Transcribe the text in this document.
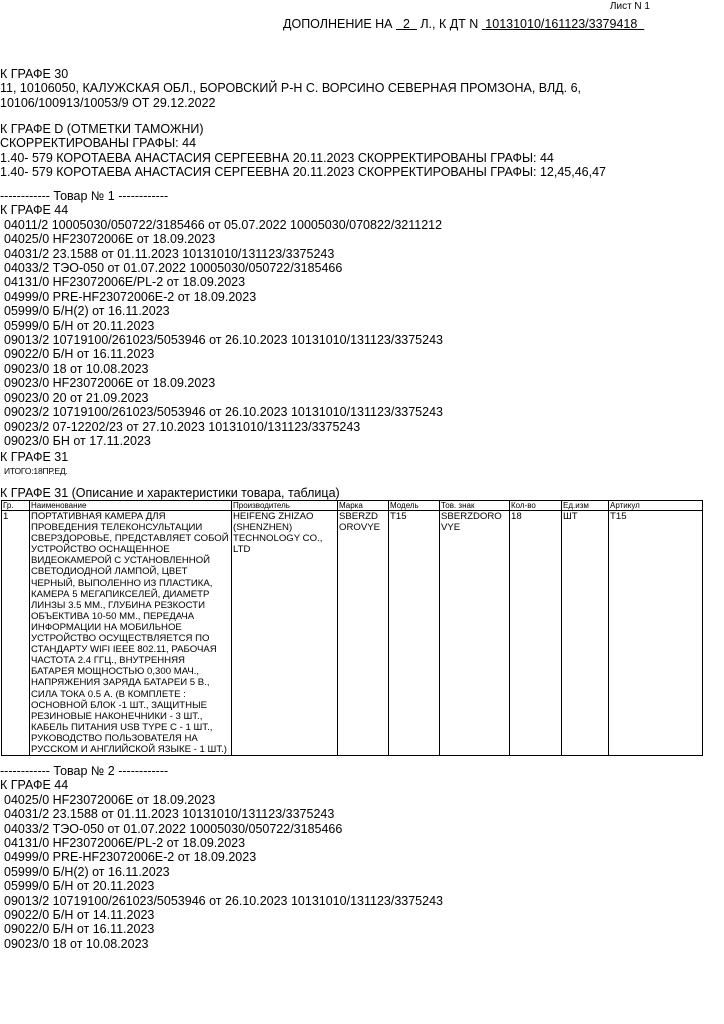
Лист N 1
ДОПОЛНЕНИЕ НА 2 Л., К ДТ N 10131010/161123/3379418
К ГРАФЕ 30
11, 10106050, КАЛУЖСКАЯ ОБЛ., БОРОВСКИЙ Р-Н С. ВОРСИНО СЕВЕРНАЯ ПРОМЗОНА, ВЛД. 6,
10106/100913/10053/9 ОТ 29.12.2022
К ГРАФЕ D (ОТМЕТКИ ТАМОЖНИ)
СКОРРЕКТИРОВАНЫ ГРАФЫ: 44
1.40- 579 КОРОТАЕВА АНАСТАСИЯ СЕРГЕЕВНА 20.11.2023 СКОРРЕКТИРОВАНЫ ГРАФЫ: 44
1.40- 579 КОРОТАЕВА АНАСТАСИЯ СЕРГЕЕВНА 20.11.2023 СКОРРЕКТИРОВАНЫ ГРАФЫ: 12,45,46,47
------------ Товар № 1 ------------
К ГРАФЕ 44
04011/2 10005030/050722/3185466 от 05.07.2022 10005030/070822/3211212
04025/0 HF23072006E от 18.09.2023
04031/2 23.1588 от 01.11.2023 10131010/131123/3375243
04033/2 ТЭО-050 от 01.07.2022 10005030/050722/3185466
04131/0 HF23072006E/PL-2 от 18.09.2023
04999/0 PRE-HF23072006E-2 от 18.09.2023
05999/0 Б/Н(2) от 16.11.2023
05999/0 Б/Н от 20.11.2023
09013/2 10719100/261023/5053946 от 26.10.2023 10131010/131123/3375243
09022/0 Б/Н от 16.11.2023
09023/0 18 от 10.08.2023
09023/0 HF23072006E от 18.09.2023
09023/0 20 от 21.09.2023
09023/2 10719100/261023/5053946 от 26.10.2023 10131010/131123/3375243
09023/2 07-12202/23 от 27.10.2023 10131010/131123/3375243
09023/0 БН от 17.11.2023
К ГРАФЕ 31
ИТОГО:18ПР.ЕД.
К ГРАФЕ 31 (Описание и характеристики товара, таблица)
Гр.	Наименование	Производитель	Марка	Модель	Тов. знак	Кол-во	Ед.изм	Артикул
1	ПОРТАТИВНАЯ КАМЕРА ДЛЯ ПРОВЕДЕНИЯ ТЕЛЕКОНСУЛЬТАЦИИ СВЕРЗДОРОВЬЕ, ПРЕДСТАВЛЯЕТ СОБОЙ УСТРОЙСТВО ОСНАЩЕННОЕ ВИДЕОКАМЕРОЙ С УСТАНОВЛЕННОЙ СВЕТОДИОДНОЙ ЛАМПОЙ, ЦВЕТ ЧЕРНЫЙ, ВЫПОЛЕННО ИЗ ПЛАСТИКА, КАМЕРА 5 МЕГАПИКСЕЛЕЙ, ДИАМЕТР ЛИНЗЫ 3.5 ММ., ГЛУБИНА РЕЗКОСТИ ОБЪЕКТИВА 10-50 ММ., ПЕРЕДАЧА ИНФОРМАЦИИ НА МОБИЛЬНОЕ УСТРОЙСТВО ОСУЩЕСТВЛЯЕТСЯ ПО СТАНДАРТУ WIFI IEEE 802.11, РАБОЧАЯ ЧАСТОТА 2.4 ГГЦ., ВНУТРЕННЯЯ БАТАРЕЯ МОЩНОСТЬЮ 0,300 МАЧ., НАПРЯЖЕНИЯ ЗАРЯДА БАТАРЕИ 5 В., СИЛА ТОКА 0.5 А. (В КОМПЛЕТЕ : ОСНОВНОЙ БЛОК -1 ШТ., ЗАЩИТНЫЕ РЕЗИНОВЫЕ НАКОНЕЧНИКИ - 3 ШТ., КАБЕЛЬ ПИТАНИЯ USB TYPE C - 1 ШТ., РУКОВОДСТВО ПОЛЬЗОВАТЕЛЯ НА РУССКОМ И АНГЛИЙСКОЙ ЯЗЫКЕ - 1 ШТ.)	HEIFENG ZHIZAO (SHENZHEN) TECHNOLOGY CO., LTD	SBERZD OROVYE	T15	SBERZDORO VYE	18	ШТ	T15
------------ Товар № 2 ------------
К ГРАФЕ 44
04025/0 HF23072006E от 18.09.2023
04031/2 23.1588 от 01.11.2023 10131010/131123/3375243
04033/2 ТЭО-050 от 01.07.2022 10005030/050722/3185466
04131/0 HF23072006E/PL-2 от 18.09.2023
04999/0 PRE-HF23072006E-2 от 18.09.2023
05999/0 Б/Н(2) от 16.11.2023
05999/0 Б/Н от 20.11.2023
09013/2 10719100/261023/5053946 от 26.10.2023 10131010/131123/3375243
09022/0 Б/Н от 14.11.2023
09022/0 Б/Н от 16.11.2023
09023/0 18 от 10.08.2023
